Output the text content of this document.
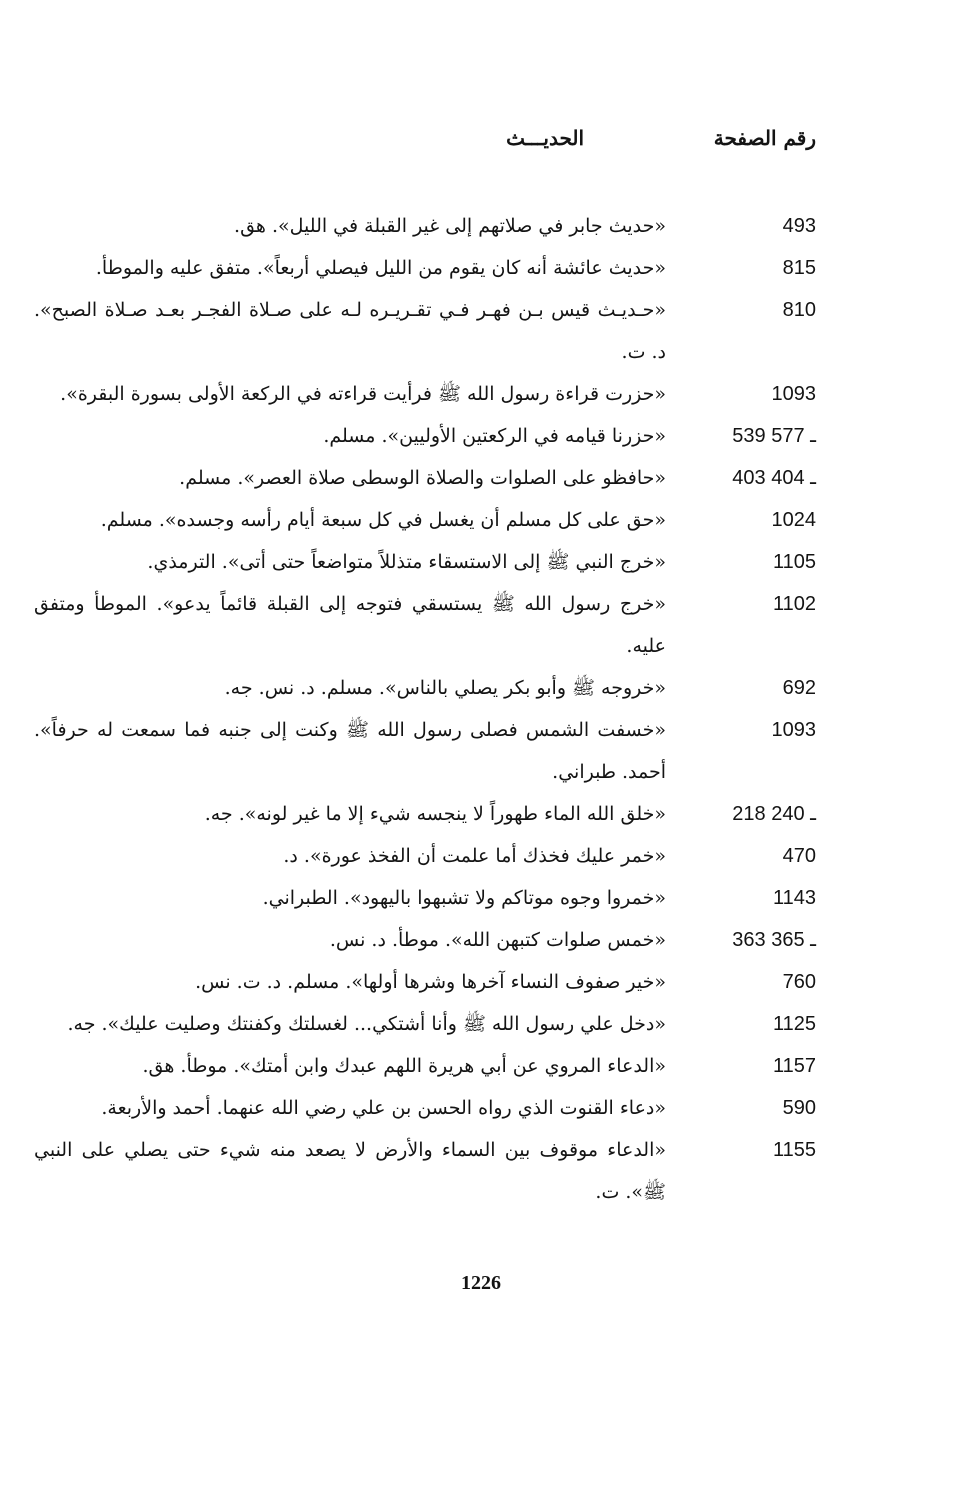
رقم الصفحة
الحديـــث
493
«حديث جابر في صلاتهم إلى غير القبلة في الليل». هق.
815
«حديث عائشة أنه كان يقوم من الليل فيصلي أربعاً». متفق عليه والموطأ.
810
«حـديـث قيس بـن فهـر فـي تقـريـره لـه على صـلاة الفجـر بعـد صـلاة الصبح». د. ت.
1093
«حزرت قراءة رسول الله ﷺ فرأيت قراءته في الركعة الأولى بسورة البقرة».
539 ـ 577
«حزرنا قيامه في الركعتين الأوليين». مسلم.
403 ـ 404
«حافظو على الصلوات والصلاة الوسطى صلاة العصر». مسلم.
1024
«حق على كل مسلم أن يغسل في كل سبعة أيام رأسه وجسده». مسلم.
1105
«خرج النبي ﷺ إلى الاستسقاء متذللاً متواضعاً حتى أتى». الترمذي.
1102
«خرج رسول الله ﷺ يستسقي فتوجه إلى القبلة قائماً يدعو». الموطأ ومتفق عليه.
692
«خروجه ﷺ وأبو بكر يصلي بالناس». مسلم. د. نس. جه.
1093
«خسفت الشمس فصلى رسول الله ﷺ وكنت إلى جنبه فما سمعت له حرفاً». أحمد. طبراني.
218 ـ 240
«خلق الله الماء طهوراً لا ينجسه شيء إلا ما غير لونه». جه.
470
«خمر عليك فخذك أما علمت أن الفخذ عورة». د.
1143
«خمروا وجوه موتاكم ولا تشبهوا باليهود». الطبراني.
363 ـ 365
«خمس صلوات كتبهن الله». موطأ. د. نس.
760
«خير صفوف النساء آخرها وشرها أولها». مسلم. د. ت. نس.
1125
«دخل علي رسول الله ﷺ وأنا أشتكي... لغسلتك وكفنتك وصليت عليك». جه.
1157
«الدعاء المروي عن أبي هريرة اللهم عبدك وابن أمتك». موطأ. هق.
590
«دعاء القنوت الذي رواه الحسن بن علي رضي الله عنهما. أحمد والأربعة.
1155
«الدعاء موقوف بين السماء والأرض لا يصعد منه شيء حتى يصلي على النبي ﷺ». ت.
1226
